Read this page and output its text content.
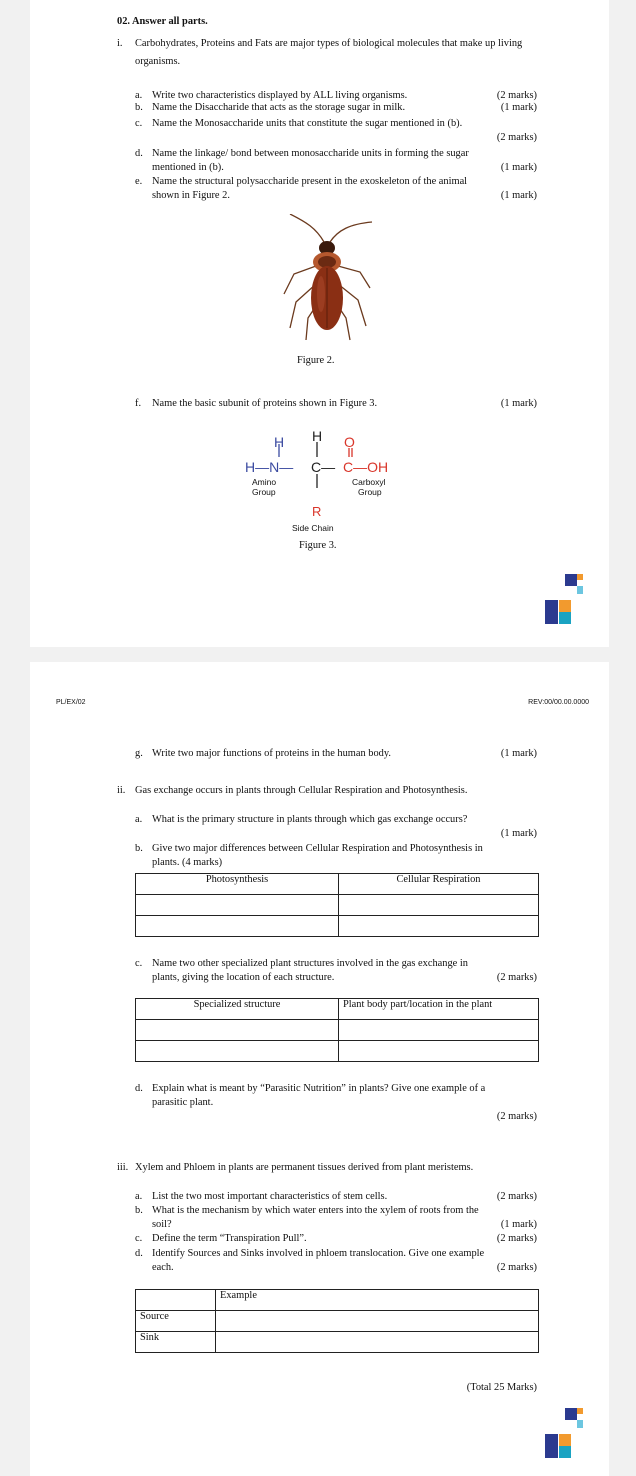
02. Answer all parts.
i. Carbohydrates, Proteins and Fats are major types of biological molecules that make up living
organisms.
a. Write two characteristics displayed by ALL living organisms.	(2 marks)
b. Name the Disaccharide that acts as the storage sugar in milk.	(1 mark)
c. Name the Monosaccharide units that constitute the sugar mentioned in (b).
(2 marks)
d. Name the linkage/ bond between monosaccharide units in forming the sugar
mentioned in (b).	(1 mark)
e. Name the structural polysaccharide present in the exoskeleton of the animal
shown in Figure 2.	(1 mark)
Figure 2.
f. Name the basic subunit of proteins shown in Figure 3.	(1 mark)
H H O
H—N— C— C—OH
Amino
Group
Carboxyl
Group
R
Side Chain
Figure 3.
PL/EX/02	REV:00/00.00.0000
g. Write two major functions of proteins in the human body.	(1 mark)
ii. Gas exchange occurs in plants through Cellular Respiration and Photosynthesis.
a. What is the primary structure in plants through which gas exchange occurs?
(1 mark)
b. Give two major differences between Cellular Respiration and Photosynthesis in
plants. (4 marks)
Photosynthesis	Cellular Respiration

c. Name two other specialized plant structures involved in the gas exchange in
plants, giving the location of each structure.	(2 marks)
Specialized structure	Plant body part/location in the plant

d. Explain what is meant by “Parasitic Nutrition” in plants? Give one example of a
parasitic plant.
(2 marks)
iii. Xylem and Phloem in plants are permanent tissues derived from plant meristems.
a. List the two most important characteristics of stem cells.	(2 marks)
b. What is the mechanism by which water enters into the xylem of roots from the
soil?	(1 mark)
c. Define the term “Transpiration Pull”.	(2 marks)
d. Identify Sources and Sinks involved in phloem translocation. Give one example
each.	(2 marks)
	Example
Source	
Sink	
(Total 25 Marks)
